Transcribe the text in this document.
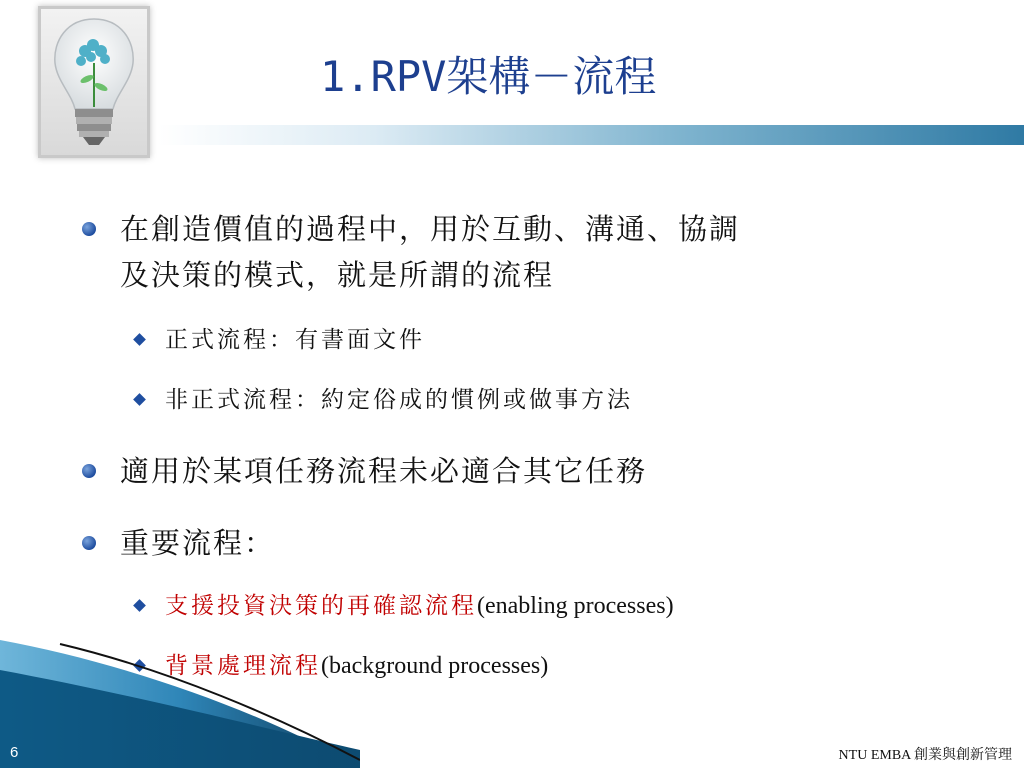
1.RPV架構－流程
在創造價值的過程中，用於互動、溝通、協調
及決策的模式，就是所謂的流程
正式流程：有書面文件
非正式流程：約定俗成的慣例或做事方法
適用於某項任務流程未必適合其它任務
重要流程：
支援投資決策的再確認流程(enabling processes)
背景處理流程(background processes)
6	NTU EMBA 創業與創新管理
